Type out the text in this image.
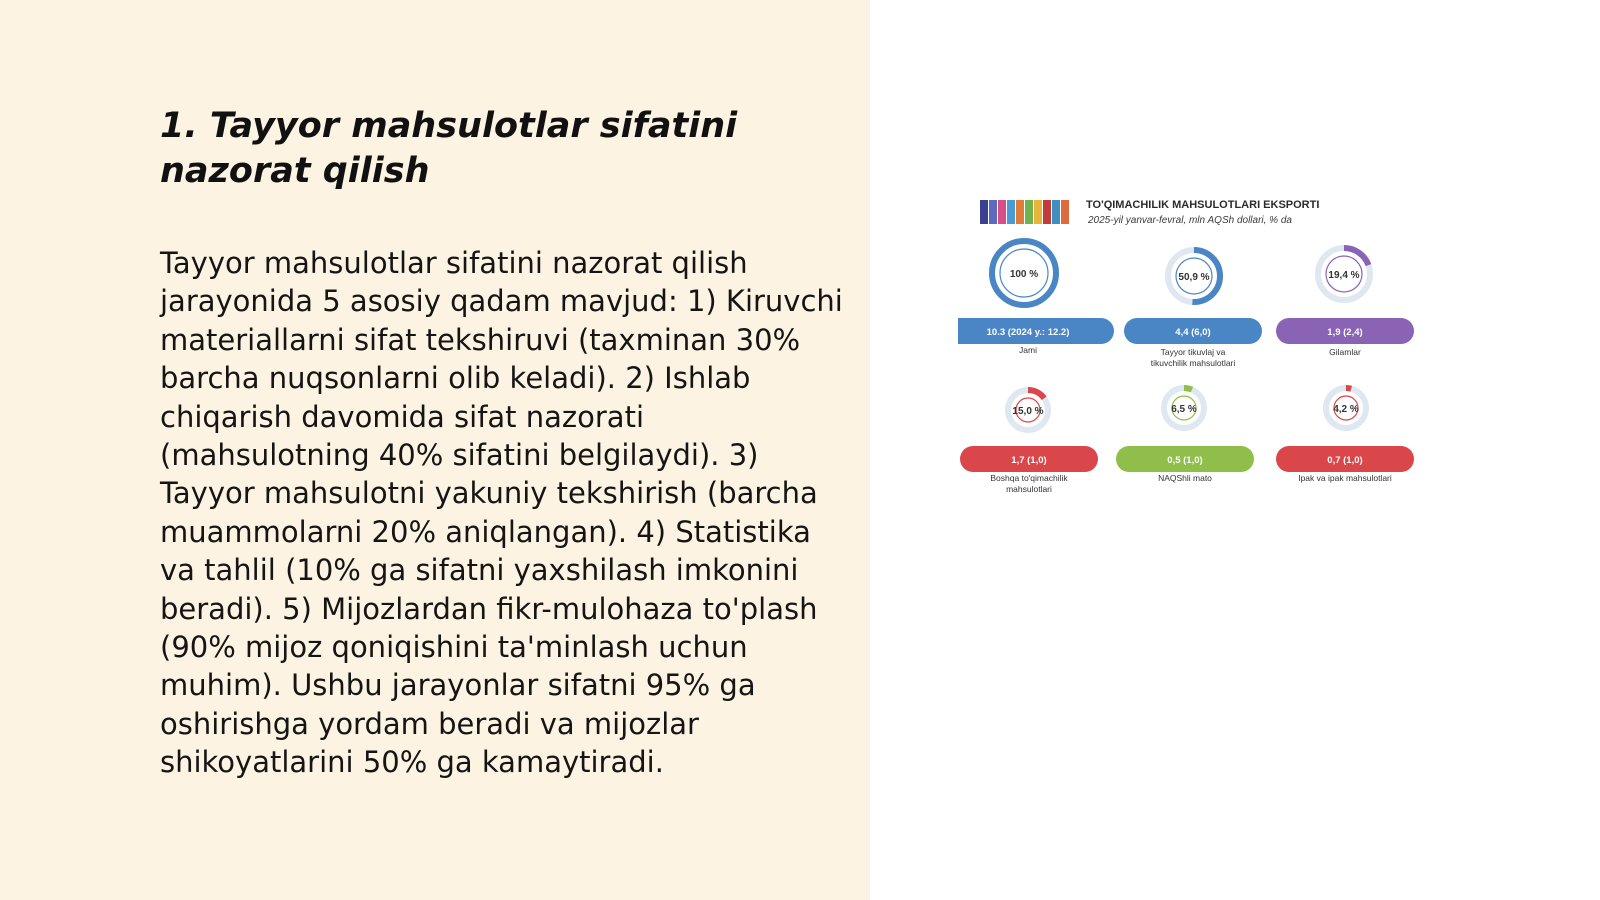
1. Tayyor mahsulotlar sifatini nazorat qilish

Tayyor mahsulotlar sifatini nazorat qilish jarayonida 5 asosiy qadam mavjud: 1) Kiruvchi materiallarni sifat tekshiruvi (taxminan 30% barcha nuqsonlarni olib keladi). 2) Ishlab chiqarish davomida sifat nazorati (mahsulotning 40% sifatini belgilaydi). 3) Tayyor mahsulotni yakuniy tekshirish (barcha muammolarni 20% aniqlangan). 4) Statistika va tahlil (10% ga sifatni yaxshilash imkonini beradi). 5) Mijozlardan fikr-mulohaza to'plash (90% mijoz qoniqishini ta'minlash uchun muhim). Ushbu jarayonlar sifatni 95% ga oshirishga yordam beradi va mijozlar shikoyatlarini 50% ga kamaytiradi.

TO'QIMACHILIK MAHSULOTLARI EKSPORTI
2025-yil yanvar-fevral, mln AQSh dollari, % da
100 %
10.3 (2024 y.: 12.2)
Jami
50,9 %
4,4 (6,0)
Tayyor tikuvlaj va tikuvchilik mahsulotlari
19,4 %
1,9 (2,4)
Gilamlar
15,0 %
1,7 (1,0)
Boshqa to'qimachilik mahsulotlari
6,5 %
0,5 (1,0)
NAQShli mato
4,2 %
0,7 (1,0)
Ipak va ipak mahsulotlari
